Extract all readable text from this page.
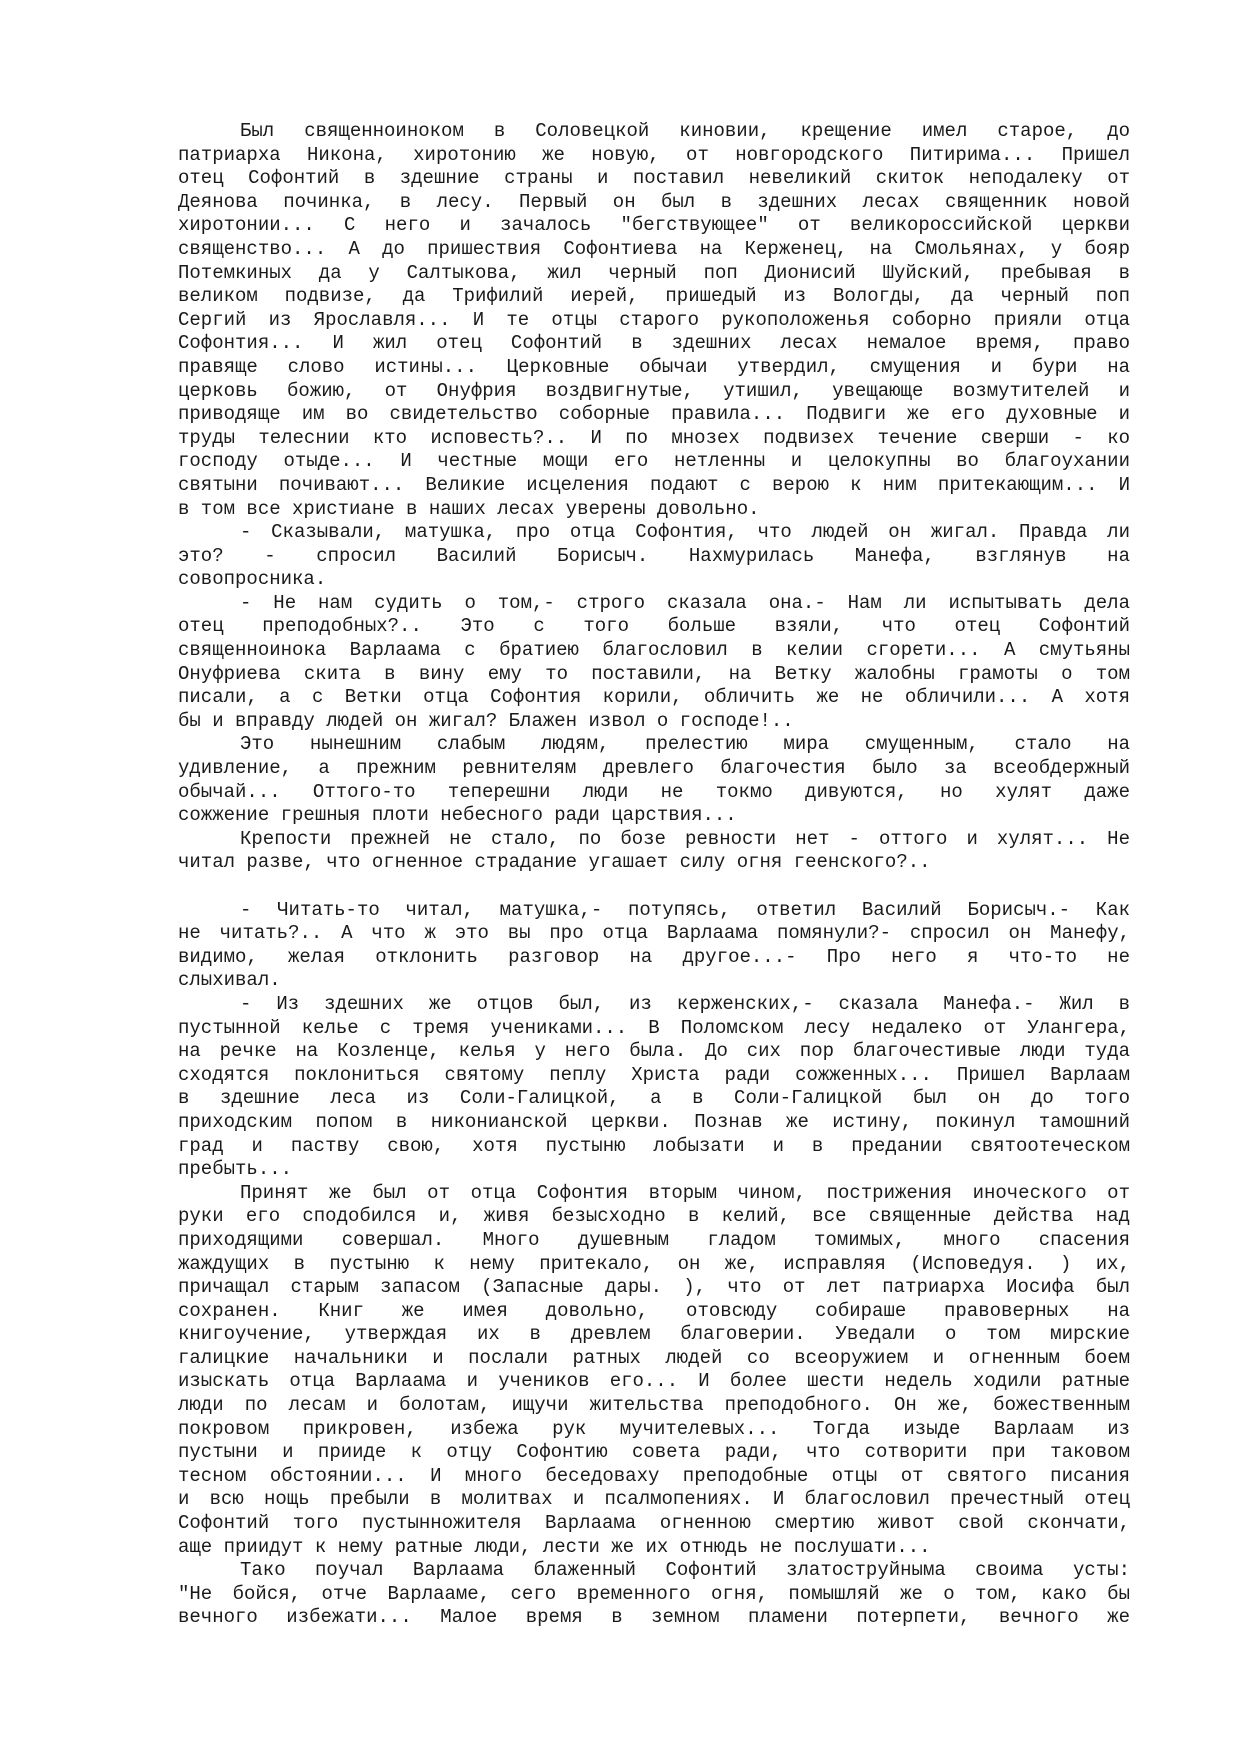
Был священноиноком в Соловецкой киновии, крещение имел старое, до
патриарха Никона, хиротонию же новую, от новгородского Питирима... Пришел
отец Софонтий в здешние страны и поставил невеликий скиток неподалеку от
Деянова починка, в лесу. Первый он был в здешних лесах священник новой
хиротонии... С него и зачалось "бегствующее" от великороссийской церкви
священство... А до пришествия Софонтиева на Керженец, на Смольянах, у бояр
Потемкиных да у Салтыкова, жил черный поп Дионисий Шуйский, пребывая в
великом подвизе, да Трифилий иерей, пришедый из Вологды, да черный поп
Сергий из Ярославля... И те отцы старого рукоположенья соборно прияли отца
Софонтия... И жил отец Софонтий в здешних лесах немалое время, право
правяще слово истины... Церковные обычаи утвердил, смущения и бури на
церковь божию, от Онуфрия воздвигнутые, утишил, увещающе возмутителей и
приводяще им во свидетельство соборные правила... Подвиги же его духовные и
труды телеснии кто исповесть?.. И по мнозех подвизех течение сверши - ко
господу отыде... И честные мощи его нетленны и целокупны во благоухании
святыни почивают... Великие исцеления подают с верою к ним притекающим... И
в том все христиане в наших лесах уверены довольно.
- Сказывали, матушка, про отца Софонтия, что людей он жигал. Правда ли
это? - спросил Василий Борисыч. Нахмурилась Манефа, взглянув на
совопросника.
- Не нам судить о том,- строго сказала она.- Нам ли испытывать дела
отец преподобных?.. Это с того больше взяли, что отец Софонтий
священноинока Варлаама с братиею благословил в келии сгорети... А смутьяны
Онуфриева скита в вину ему то поставили, на Ветку жалобны грамоты о том
писали, а с Ветки отца Софонтия корили, обличить же не обличили... А хотя
бы и вправду людей он жигал? Блажен извол о господе!..
Это нынешним слабым людям, прелестию мира смущенным, стало на
удивление, а прежним ревнителям древлего благочестия было за всеобдержный
обычай... Оттого-то теперешни люди не токмо дивуются, но хулят даже
сожжение грешныя плоти небесного ради царствия...
Крепости прежней не стало, по бозе ревности нет - оттого и хулят... Не
читал разве, что огненное страдание угашает силу огня геенского?..
- Читать-то читал, матушка,- потупясь, ответил Василий Борисыч.- Как
не читать?.. А что ж это вы про отца Варлаама помянули?- спросил он Манефу,
видимо, желая отклонить разговор на другое...- Про него я что-то не
слыхивал.
- Из здешних же отцов был, из керженских,- сказала Манефа.- Жил в
пустынной келье с тремя учениками... В Поломском лесу недалеко от Улангера,
на речке на Козленце, келья у него была. До сих пор благочестивые люди туда
сходятся поклониться святому пеплу Христа ради сожженных... Пришел Варлаам
в здешние леса из Соли-Галицкой, а в Соли-Галицкой был он до того
приходским попом в никонианской церкви. Познав же истину, покинул тамошний
град и паству свою, хотя пустыню лобызати и в предании святоотеческом
пребыть...
Принят же был от отца Софонтия вторым чином, пострижения иноческого от
руки его сподобился и, живя безысходно в келий, все священные действа над
приходящими совершал. Много душевным гладом томимых, много спасения
жаждущих в пустыню к нему притекало, он же, исправляя (Исповедуя. ) их,
причащал старым запасом (Запасные дары. ), что от лет патриарха Иосифа был
сохранен. Книг же имея довольно, отовсюду собираше правоверных на
книгоучение, утверждая их в древлем благоверии. Уведали о том мирские
галицкие начальники и послали ратных людей со всеоружием и огненным боем
изыскать отца Варлаама и учеников его... И более шести недель ходили ратные
люди по лесам и болотам, ищучи жительства преподобного. Он же, божественным
покровом прикровен, избежа рук мучителевых... Тогда изыде Варлаам из
пустыни и прииде к отцу Софонтию совета ради, что сотворити при таковом
тесном обстоянии... И много беседоваху преподобные отцы от святого писания
и всю нощь пребыли в молитвах и псалмопениях. И благословил пречестный отец
Софонтий того пустынножителя Варлаама огненною смертию живот свой скончати,
аще приидут к нему ратные люди, лести же их отнюдь не послушати...
Тако поучал Варлаама блаженный Софонтий златоструйныма своима усты:
"Не бойся, отче Варлааме, сего временного огня, помышляй же о том, како бы
вечного избежати... Малое время в земном пламени потерпети, вечного же
